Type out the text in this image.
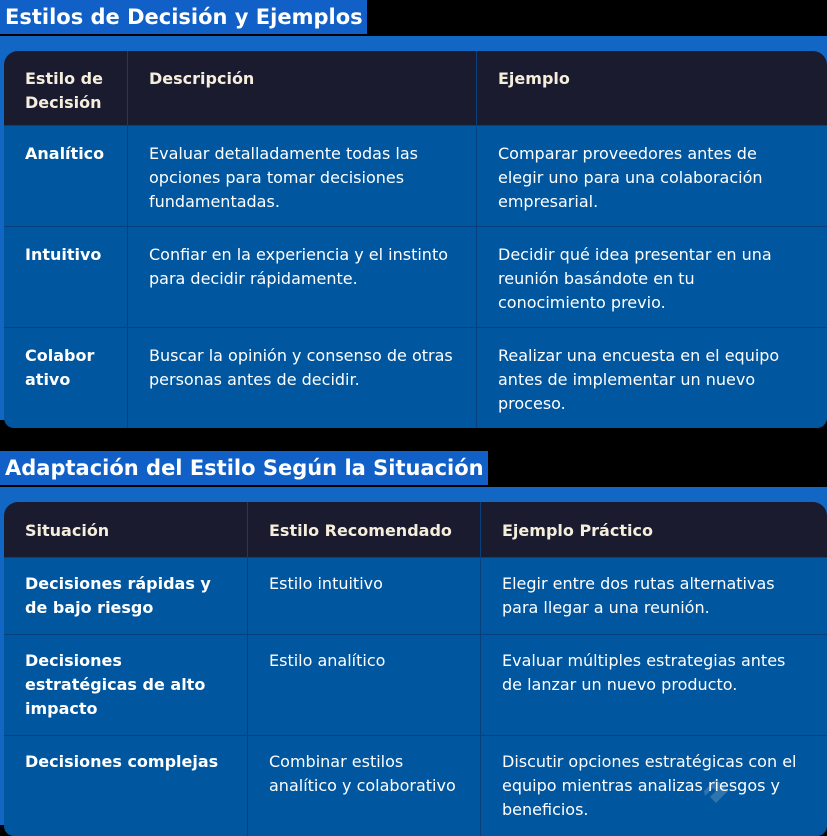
Estilos de Decisión y Ejemplos
Estilo de Decisión	Descripción	Ejemplo
Analítico	Evaluar detalladamente todas las opciones para tomar decisiones fundamentadas.	Comparar proveedores antes de elegir uno para una colaboración empresarial.
Intuitivo	Confiar en la experiencia y el instinto para decidir rápidamente.	Decidir qué idea presentar en una reunión basándote en tu conocimiento previo.
Colabor ativo	Buscar la opinión y consenso de otras personas antes de decidir.	Realizar una encuesta en el equipo antes de implementar un nuevo proceso.
Adaptación del Estilo Según la Situación
Situación	Estilo Recomendado	Ejemplo Práctico
Decisiones rápidas y de bajo riesgo	Estilo intuitivo	Elegir entre dos rutas alternativas para llegar a una reunión.
Decisiones estratégicas de alto impacto	Estilo analítico	Evaluar múltiples estrategias antes de lanzar un nuevo producto.
Decisiones complejas	Combinar estilos analítico y colaborativo	Discutir opciones estratégicas con el equipo mientras analizas riesgos y beneficios.
